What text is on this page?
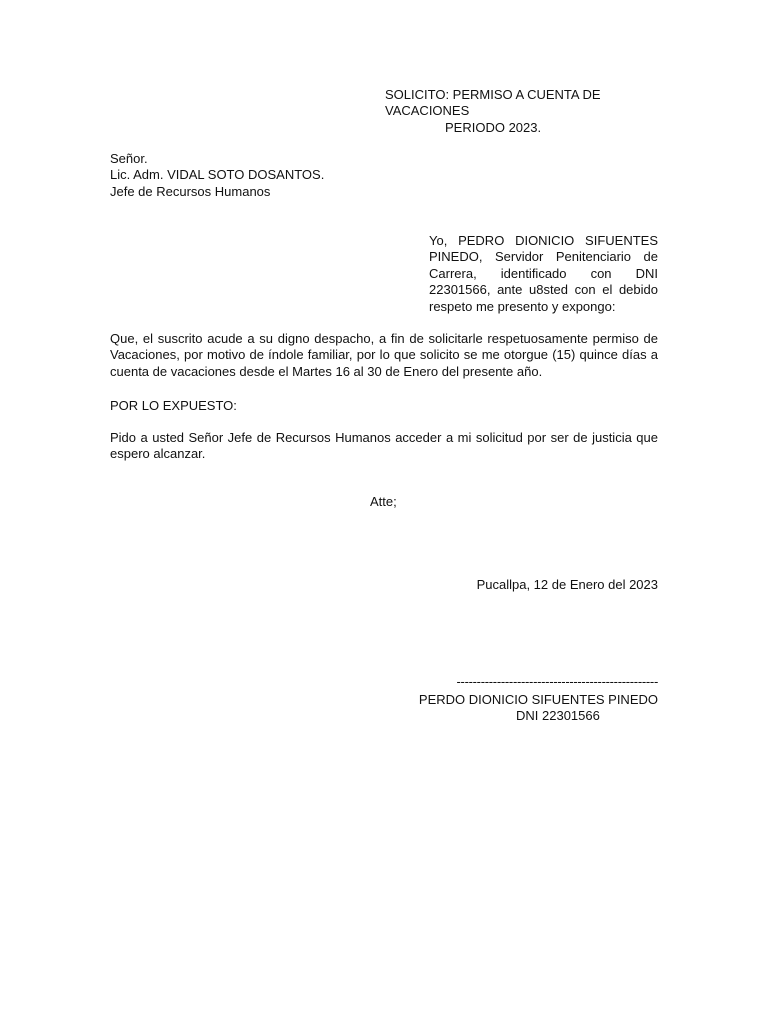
SOLICITO: PERMISO A CUENTA DE VACACIONES
PERIODO 2023.
Señor.
Lic. Adm. VIDAL SOTO DOSANTOS.
Jefe de Recursos Humanos
Yo, PEDRO DIONICIO SIFUENTES PINEDO, Servidor Penitenciario de Carrera, identificado con DNI 22301566, ante u8sted con el debido respeto me presento y expongo:
Que, el suscrito acude a su digno despacho, a fin de solicitarle respetuosamente permiso de Vacaciones, por motivo de índole familiar, por lo que solicito se me otorgue (15) quince días a cuenta de vacaciones desde el Martes 16 al 30 de Enero del presente año.
POR LO EXPUESTO:
Pido a usted Señor Jefe de Recursos Humanos acceder a mi solicitud por ser de justicia que espero alcanzar.
Atte;
Pucallpa, 12 de Enero del 2023
--------------------------------------------------
PERDO DIONICIO SIFUENTES PINEDO
DNI 22301566
